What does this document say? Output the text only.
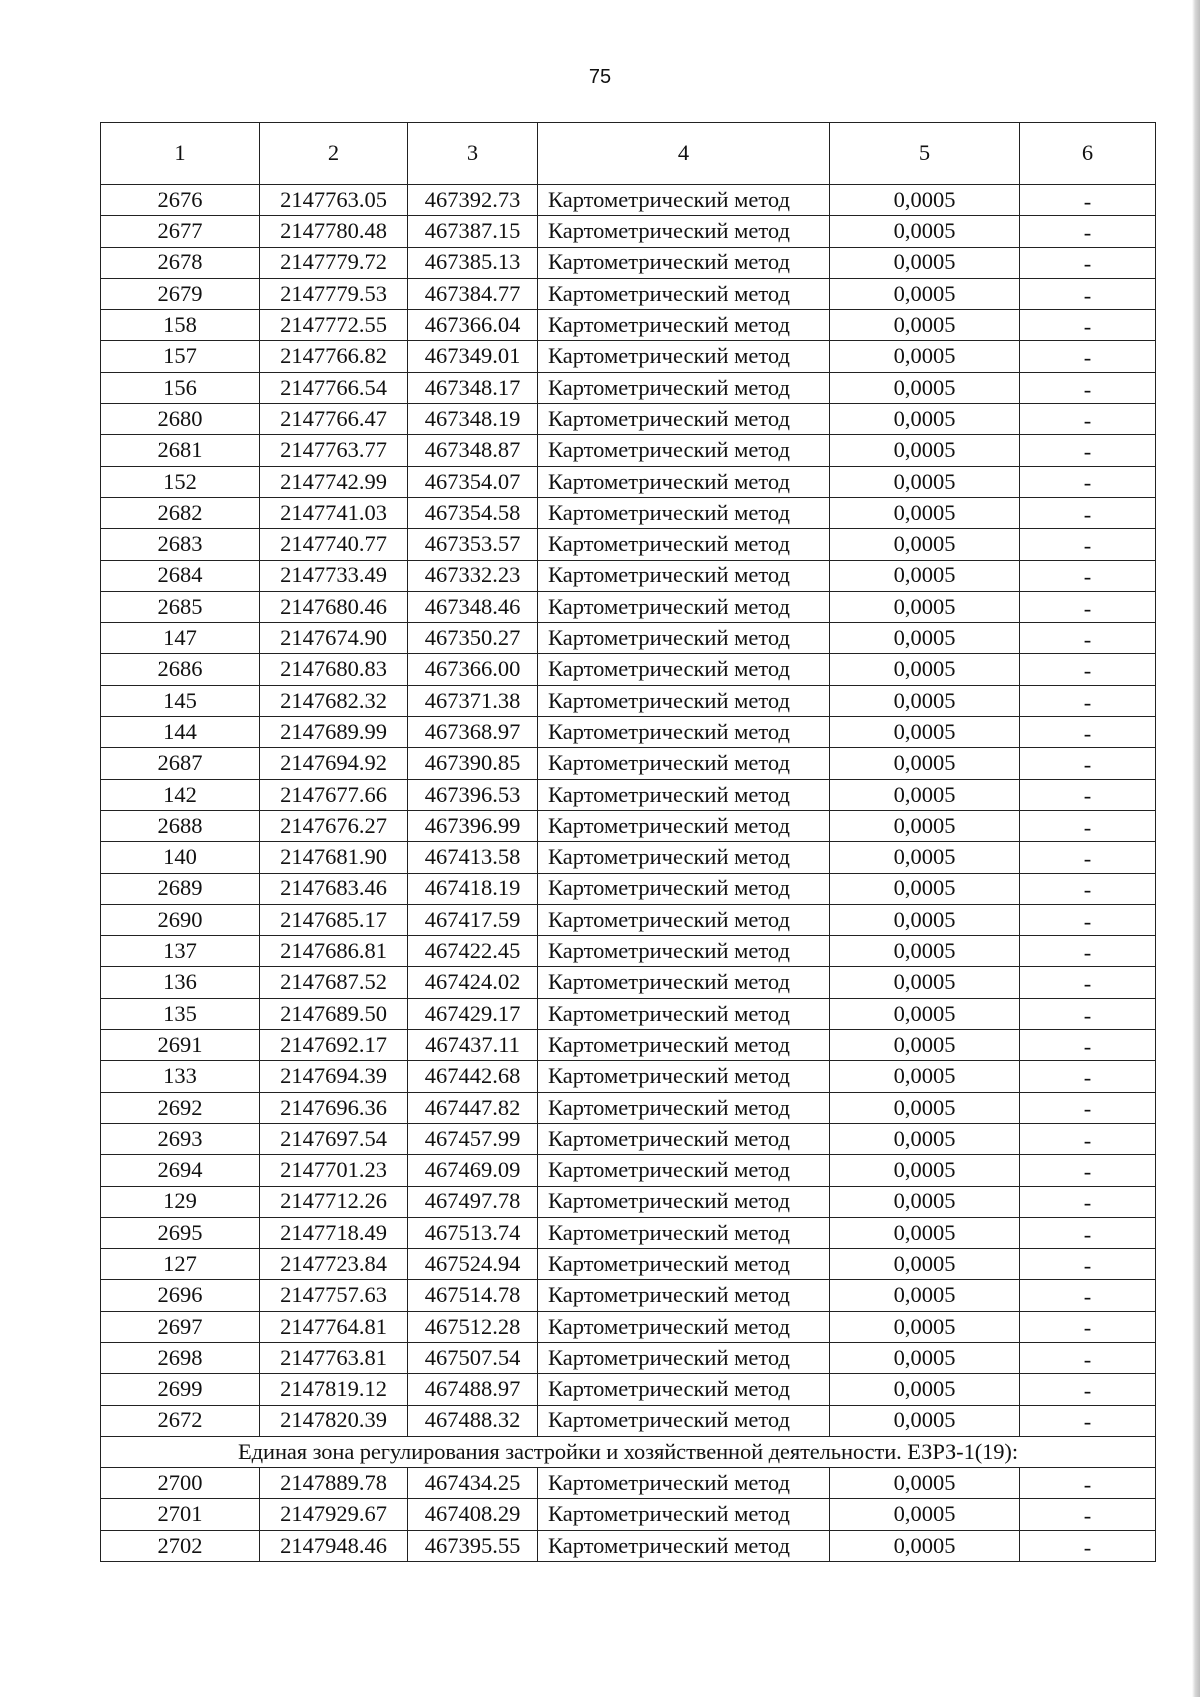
75
1	2	3	4	5	6
2676	2147763.05	467392.73	Картометрический метод	0,0005	-
2677	2147780.48	467387.15	Картометрический метод	0,0005	-
2678	2147779.72	467385.13	Картометрический метод	0,0005	-
2679	2147779.53	467384.77	Картометрический метод	0,0005	-
158	2147772.55	467366.04	Картометрический метод	0,0005	-
157	2147766.82	467349.01	Картометрический метод	0,0005	-
156	2147766.54	467348.17	Картометрический метод	0,0005	-
2680	2147766.47	467348.19	Картометрический метод	0,0005	-
2681	2147763.77	467348.87	Картометрический метод	0,0005	-
152	2147742.99	467354.07	Картометрический метод	0,0005	-
2682	2147741.03	467354.58	Картометрический метод	0,0005	-
2683	2147740.77	467353.57	Картометрический метод	0,0005	-
2684	2147733.49	467332.23	Картометрический метод	0,0005	-
2685	2147680.46	467348.46	Картометрический метод	0,0005	-
147	2147674.90	467350.27	Картометрический метод	0,0005	-
2686	2147680.83	467366.00	Картометрический метод	0,0005	-
145	2147682.32	467371.38	Картометрический метод	0,0005	-
144	2147689.99	467368.97	Картометрический метод	0,0005	-
2687	2147694.92	467390.85	Картометрический метод	0,0005	-
142	2147677.66	467396.53	Картометрический метод	0,0005	-
2688	2147676.27	467396.99	Картометрический метод	0,0005	-
140	2147681.90	467413.58	Картометрический метод	0,0005	-
2689	2147683.46	467418.19	Картометрический метод	0,0005	-
2690	2147685.17	467417.59	Картометрический метод	0,0005	-
137	2147686.81	467422.45	Картометрический метод	0,0005	-
136	2147687.52	467424.02	Картометрический метод	0,0005	-
135	2147689.50	467429.17	Картометрический метод	0,0005	-
2691	2147692.17	467437.11	Картометрический метод	0,0005	-
133	2147694.39	467442.68	Картометрический метод	0,0005	-
2692	2147696.36	467447.82	Картометрический метод	0,0005	-
2693	2147697.54	467457.99	Картометрический метод	0,0005	-
2694	2147701.23	467469.09	Картометрический метод	0,0005	-
129	2147712.26	467497.78	Картометрический метод	0,0005	-
2695	2147718.49	467513.74	Картометрический метод	0,0005	-
127	2147723.84	467524.94	Картометрический метод	0,0005	-
2696	2147757.63	467514.78	Картометрический метод	0,0005	-
2697	2147764.81	467512.28	Картометрический метод	0,0005	-
2698	2147763.81	467507.54	Картометрический метод	0,0005	-
2699	2147819.12	467488.97	Картометрический метод	0,0005	-
2672	2147820.39	467488.32	Картометрический метод	0,0005	-
Единая зона регулирования застройки и хозяйственной деятельности. ЕЗРЗ-1(19):					
2700	2147889.78	467434.25	Картометрический метод	0,0005	-
2701	2147929.67	467408.29	Картометрический метод	0,0005	-
2702	2147948.46	467395.55	Картометрический метод	0,0005	-
